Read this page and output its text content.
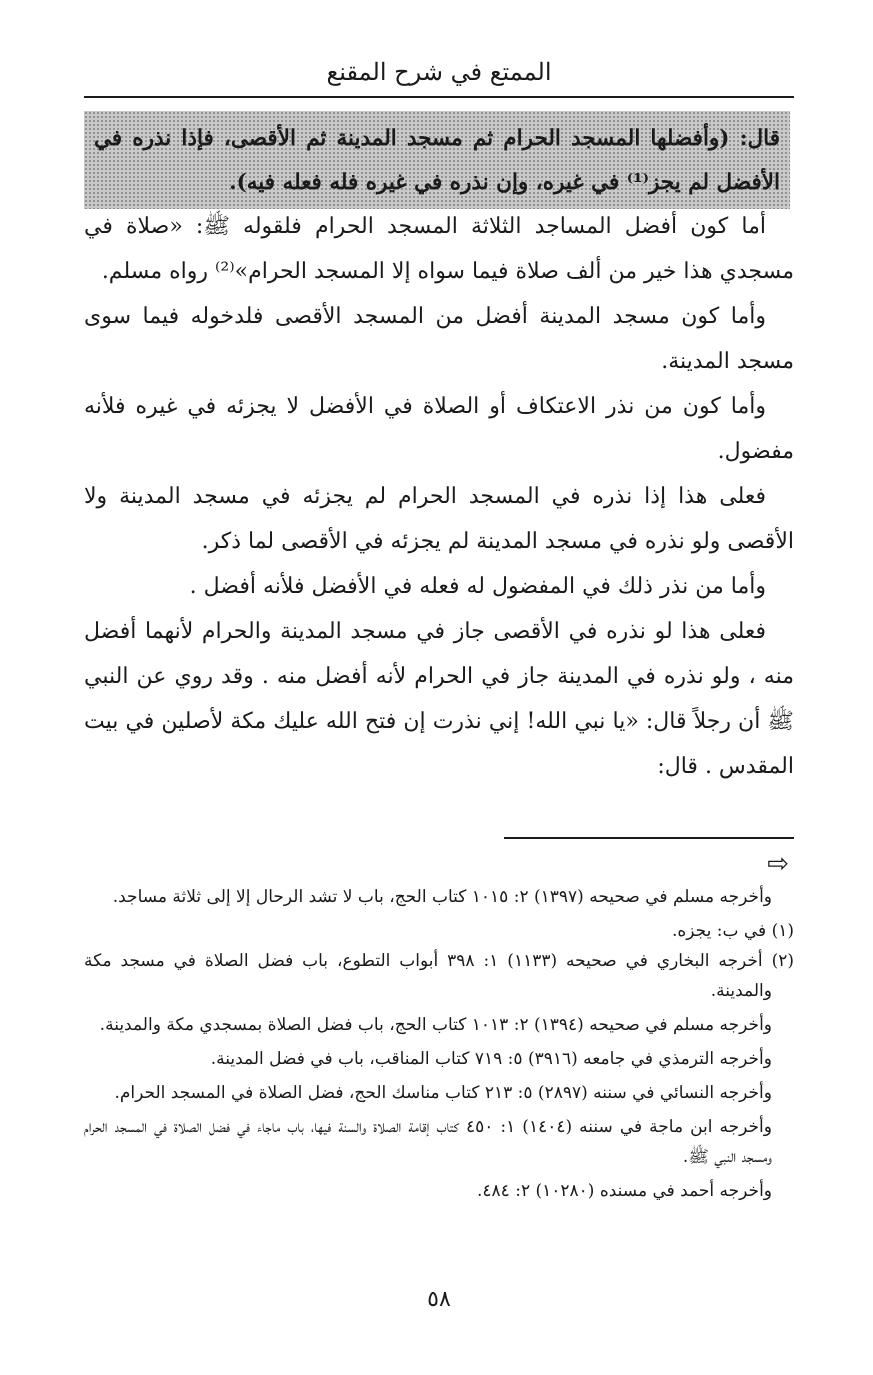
الممتع في شرح المقنع
قال: (وأفضلها المسجد الحرام ثم مسجد المدينة ثم الأقصى، فإذا نذره في الأفضل لم يجز⁽¹⁾ في غيره، وإن نذره في غيره فله فعله فيه).

أما كون أفضل المساجد الثلاثة المسجد الحرام فلقوله ﷺ: «صلاة في مسجدي هذا خير من ألف صلاة فيما سواه إلا المسجد الحرام»⁽²⁾ رواه مسلم.

وأما كون مسجد المدينة أفضل من المسجد الأقصى فلدخوله فيما سوى مسجد المدينة.

وأما كون من نذر الاعتكاف أو الصلاة في الأفضل لا يجزئه في غيره فلأنه مفضول.

فعلى هذا إذا نذره في المسجد الحرام لم يجزئه في مسجد المدينة ولا الأقصى ولو نذره في مسجد المدينة لم يجزئه في الأقصى لما ذكر.

وأما من نذر ذلك في المفضول له فعله في الأفضل فلأنه أفضل .

فعلى هذا لو نذره في الأقصى جاز في مسجد المدينة والحرام لأنهما أفضل منه ، ولو نذره في المدينة جاز في الحرام لأنه أفضل منه . وقد روي عن النبي ﷺ أن رجلاً قال: «يا نبي الله! إني نذرت إن فتح الله عليك مكة لأصلين في بيت المقدس . قال:

⇨

وأخرجه مسلم في صحيحه (١٣٩٧) ٢: ١٠١٥ كتاب الحج، باب لا تشد الرحال إلا إلى ثلاثة مساجد.

(١) في ب: يجزه.

(٢) أخرجه البخاري في صحيحه (١١٣٣) ١: ٣٩٨ أبواب التطوع، باب فضل الصلاة في مسجد مكة والمدينة.

وأخرجه مسلم في صحيحه (١٣٩٤) ٢: ١٠١٣ كتاب الحج، باب فضل الصلاة بمسجدي مكة والمدينة.

وأخرجه الترمذي في جامعه (٣٩١٦) ٥: ٧١٩ كتاب المناقب، باب في فضل المدينة.

وأخرجه النسائي في سننه (٢٨٩٧) ٥: ٢١٣ كتاب مناسك الحج، فضل الصلاة في المسجد الحرام.

وأخرجه ابن ماجة في سننه (١٤٠٤) ١: ٤٥٠ كتاب إقامة الصلاة والسنة فيها، باب ماجاء في فضل الصلاة في المسجد الحرام ومسجد النبي ﷺ.

وأخرجه أحمد في مسنده (١٠٢٨٠) ٢: ٤٨٤.

٥٨
